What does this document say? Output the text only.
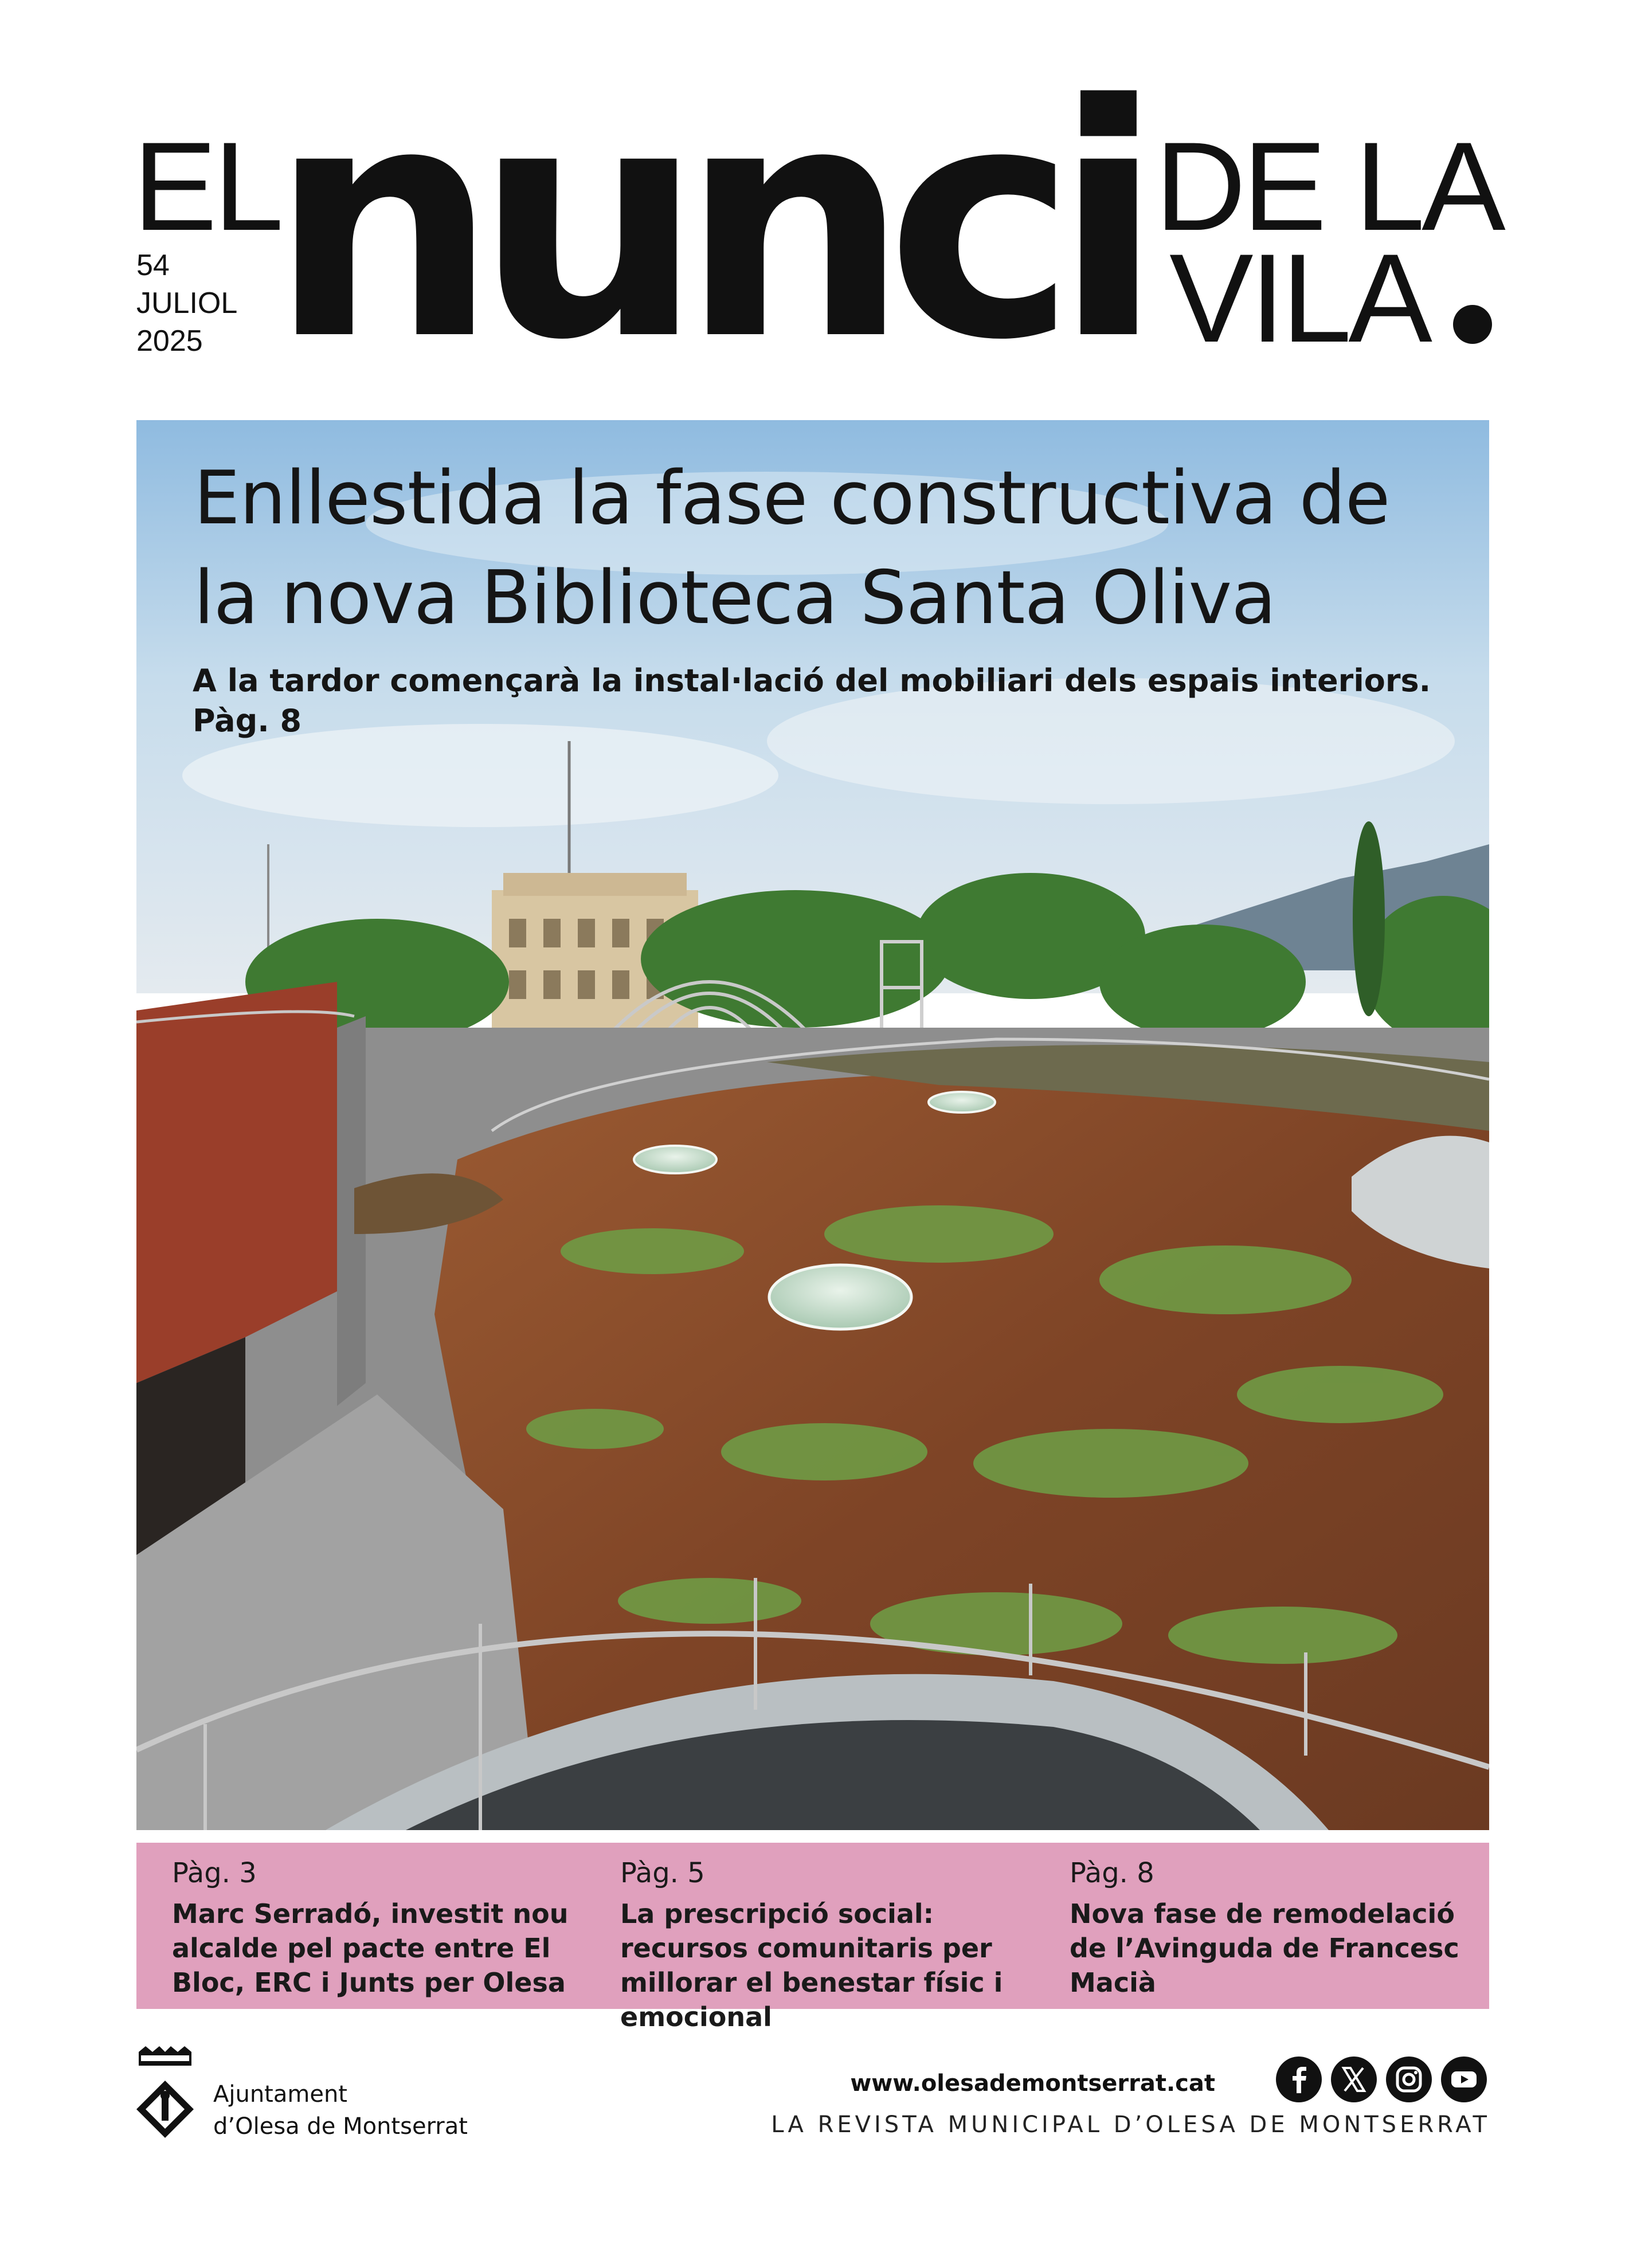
EL
nunci DE LA
VILA
54
JULIOL
2025
Enllestida la fase constructiva de la nova Biblioteca Santa Oliva
A la tardor començarà la instal·lació del mobiliari dels espais interiors. Pàg. 8
Pàg. 3
Marc Serradó, investit nou alcalde pel pacte entre El Bloc, ERC i Junts per Olesa
Pàg. 5
La prescripció social: recursos comunitaris per millorar el benestar físic i emocional
Pàg. 8
Nova fase de remodelació de l’Avinguda de Francesc Macià
Ajuntament
d’Olesa de Montserrat
www.olesademontserrat.cat
LA REVISTA MUNICIPAL D’OLESA DE MONTSERRAT
